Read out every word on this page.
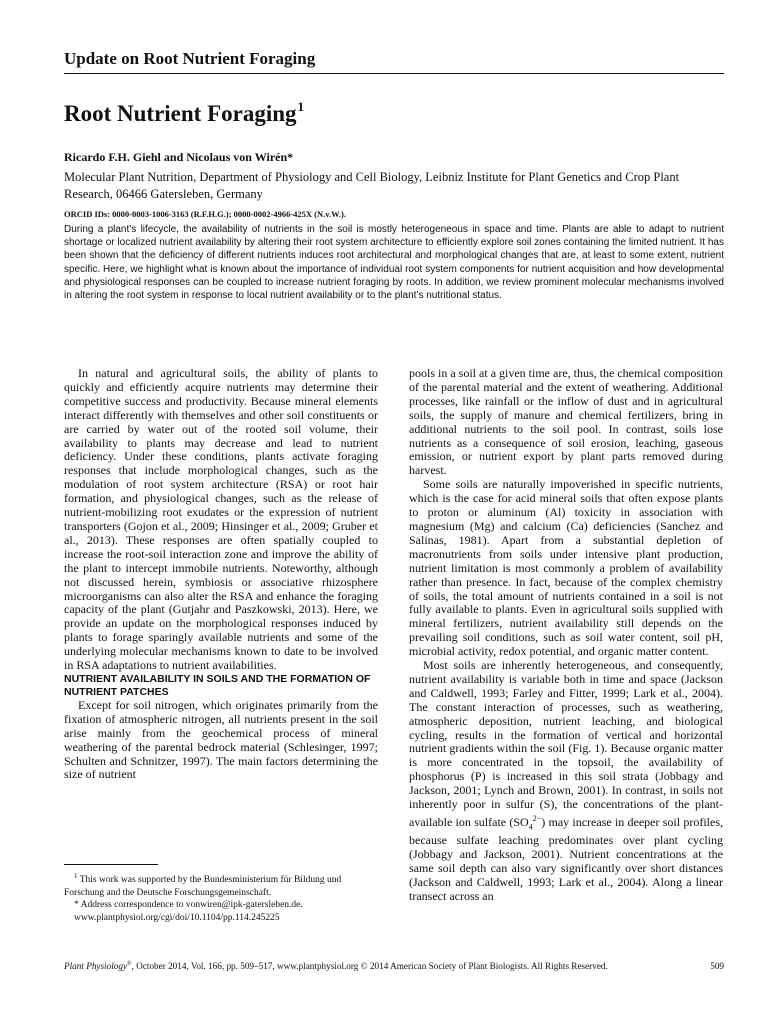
Update on Root Nutrient Foraging

Root Nutrient Foraging$^1$

Ricardo F.H. Giehl and Nicolaus von Wirén*

Molecular Plant Nutrition, Department of Physiology and Cell Biology, Leibniz Institute for Plant Genetics and Crop Plant Research, 06466 Gatersleben, Germany

ORCID IDs: 0000-0003-1006-3163 (R.F.H.G.); 0000-0002-4966-425X (N.v.W.).

During a plant’s lifecycle, the availability of nutrients in the soil is mostly heterogeneous in space and time. Plants are able to adapt to nutrient shortage or localized nutrient availability by altering their root system architecture to efficiently explore soil zones containing the limited nutrient. It has been shown that the deficiency of different nutrients induces root architectural and morphological changes that are, at least to some extent, nutrient specific. Here, we highlight what is known about the importance of individual root system components for nutrient acquisition and how developmental and physiological responses can be coupled to increase nutrient foraging by roots. In addition, we review prominent molecular mechanisms involved in altering the root system in response to local nutrient availability or to the plant’s nutritional status.

In natural and agricultural soils, the ability of plants to quickly and efficiently acquire nutrients may determine their competitive success and productivity. Because mineral elements interact differently with themselves and other soil constituents or are carried by water out of the rooted soil volume, their availability to plants may decrease and lead to nutrient deficiency. Under these conditions, plants activate foraging responses that include morphological changes, such as the modulation of root system architecture (RSA) or root hair formation, and physiological changes, such as the release of nutrient-mobilizing root exudates or the expression of nutrient transporters (Gojon et al., 2009; Hinsinger et al., 2009; Gruber et al., 2013). These responses are often spatially coupled to increase the root-soil interaction zone and improve the ability of the plant to intercept immobile nutrients. Noteworthy, although not discussed herein, symbiosis or associative rhizosphere microorganisms can also alter the RSA and enhance the foraging capacity of the plant (Gutjahr and Paszkowski, 2013). Here, we provide an update on the morphological responses induced by plants to forage sparingly available nutrients and some of the underlying molecular mechanisms known to date to be involved in RSA adaptations to nutrient availabilities.

NUTRIENT AVAILABILITY IN SOILS AND THE FORMATION OF NUTRIENT PATCHES

Except for soil nitrogen, which originates primarily from the fixation of atmospheric nitrogen, all nutrients present in the soil arise mainly from the geochemical process of mineral weathering of the parental bedrock material (Schlesinger, 1997; Schulten and Schnitzer, 1997). The main factors determining the size of nutrient

pools in a soil at a given time are, thus, the chemical composition of the parental material and the extent of weathering. Additional processes, like rainfall or the inflow of dust and in agricultural soils, the supply of manure and chemical fertilizers, bring in additional nutrients to the soil pool. In contrast, soils lose nutrients as a consequence of soil erosion, leaching, gaseous emission, or nutrient export by plant parts removed during harvest.

Some soils are naturally impoverished in specific nutrients, which is the case for acid mineral soils that often expose plants to proton or aluminum (Al) toxicity in association with magnesium (Mg) and calcium (Ca) deficiencies (Sanchez and Salinas, 1981). Apart from a substantial depletion of macronutrients from soils under intensive plant production, nutrient limitation is most commonly a problem of availability rather than presence. In fact, because of the complex chemistry of soils, the total amount of nutrients contained in a soil is not fully available to plants. Even in agricultural soils supplied with mineral fertilizers, nutrient availability still depends on the prevailing soil conditions, such as soil water content, soil pH, microbial activity, redox potential, and organic matter content.

Most soils are inherently heterogeneous, and consequently, nutrient availability is variable both in time and space (Jackson and Caldwell, 1993; Farley and Fitter, 1999; Lark et al., 2004). The constant interaction of processes, such as weathering, atmospheric deposition, nutrient leaching, and biological cycling, results in the formation of vertical and horizontal nutrient gradients within the soil (Fig. 1). Because organic matter is more concentrated in the topsoil, the availability of phosphorus (P) is increased in this soil strata (Jobbagy and Jackson, 2001; Lynch and Brown, 2001). In contrast, in soils not inherently poor in sulfur (S), the concentrations of the plant-available ion sulfate $(SO_4^{2-})$ may increase in deeper soil profiles, because sulfate leaching predominates over plant cycling (Jobbagy and Jackson, 2001). Nutrient concentrations at the same soil depth can also vary significantly over short distances (Jackson and Caldwell, 1993; Lark et al., 2004). Along a linear transect across an

$^1$ This work was supported by the Bundesministerium für Bildung und Forschung and the Deutsche Forschungsgemeinschaft.
* Address correspondence to vonwiren@ipk-gatersleben.de.
www.plantphysiol.org/cgi/doi/10.1104/pp.114.245225
Plant Physiology®, October 2014, Vol. 166, pp. 509–517, www.plantphysiol.org © 2014 American Society of Plant Biologists. All Rights Reserved.	509
